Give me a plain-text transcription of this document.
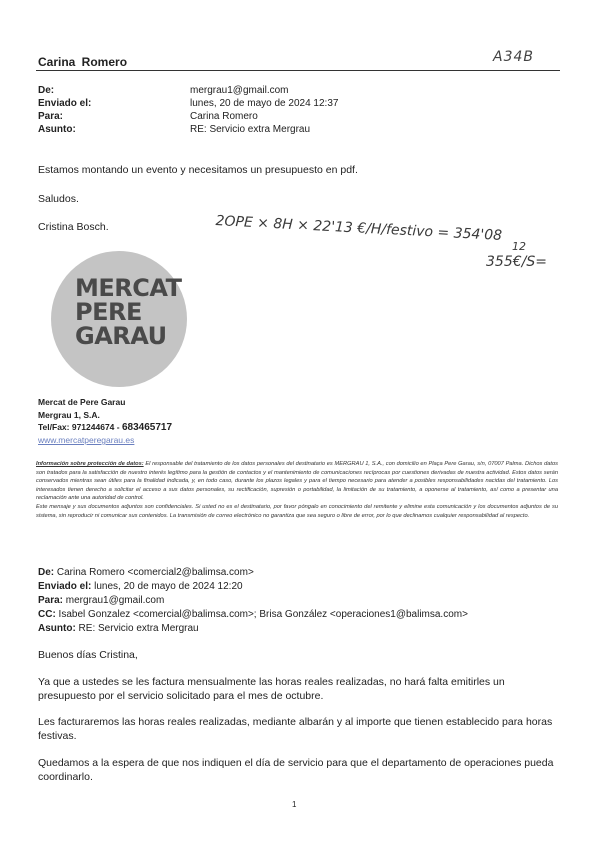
Carina Romero	A34B
De:	mergrau1@gmail.com
Enviado el:	lunes, 20 de mayo de 2024 12:37
Para:	Carina Romero
Asunto:	RE: Servicio extra Mergrau
Estamos montando un evento y necesitamos un presupuesto en pdf.
Saludos.
Cristina Bosch.	2OPE × 8H × 22'13 €/H/festivo = 354'08
12
355€/S=
MERCAT
PERE
GARAU
Mercat de Pere Garau
Mergrau 1, S.A.
Tel/Fax: 971244674 - 683465717
www.mercatperegarau.es
Información sobre protección de datos: El responsable del tratamiento de los datos personales del destinatario es MERGRAU 1, S.A., con domicilio en Plaça Pere Garau, s/n, 07007 Palma. Dichos datos son tratados para la satisfacción de nuestro interés legítimo para la gestión de contactos y el mantenimiento de comunicaciones recíprocas por cuestiones derivadas de nuestra actividad. Estos datos serán conservados mientras sean útiles para la finalidad indicada, y, en todo caso, durante los plazos legales y para el tiempo necesario para atender a posibles responsabilidades nacidas del tratamiento. Los interesados tienen derecho a solicitar el acceso a sus datos personales, su rectificación, supresión o portabilidad, la limitación de su tratamiento, a oponerse al tratamiento, así como a presentar una reclamación ante una autoridad de control.
Este mensaje y sus documentos adjuntos son confidenciales. Si usted no es el destinatario, por favor póngalo en conocimiento del remitente y elimine esta comunicación y los documentos adjuntos de su sistema, sin reproducir ni comunicar sus contenidos. La transmisión de correo electrónico no garantiza que sea seguro o libre de error, por lo que declinamos cualquier responsabilidad al respecto.
De: Carina Romero <comercial2@balimsa.com>
Enviado el: lunes, 20 de mayo de 2024 12:20
Para: mergrau1@gmail.com
CC: Isabel Gonzalez <comercial@balimsa.com>; Brisa González <operaciones1@balimsa.com>
Asunto: RE: Servicio extra Mergrau
Buenos días Cristina,
Ya que a ustedes se les factura mensualmente las horas reales realizadas, no hará falta emitirles un presupuesto por el servicio solicitado para el mes de octubre.
Les facturaremos las horas reales realizadas, mediante albarán y al importe que tienen establecido para horas festivas.
Quedamos a la espera de que nos indiquen el día de servicio para que el departamento de operaciones pueda coordinarlo.
1
